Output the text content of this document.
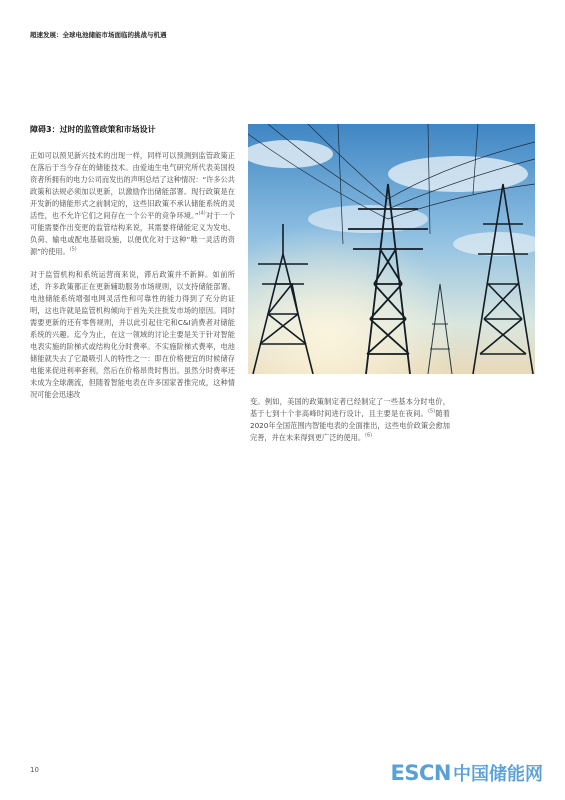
超速发展：全球电池储能市场面临的挑战与机遇
障碍3：过时的监管政策和市场设计

正如可以预见新兴技术的出现一样，同样可以预测到监管政策正在落后于当今存在的储能技术。由爱迪生电气研究所代表美国投资者所拥有的电力公司而发出的声明总结了这种情况：“许多公共政策和法规必须加以更新，以激励作出储能部署。现行政策是在开发新的储能形式之前制定的，这些旧政策不承认储能系统的灵活性，也不允许它们之间存在一个公平的竞争环境。”$^{(4)}$对于一个可能需要作出变更的监管结构来说，其需要将储能定义为发电、负荷、输电或配电基础设施，以便优化对于这种“唯一灵活的资源”的使用。$^{(5)}$

对于监管机构和系统运营商来说，滞后政策并不新鲜。如前所述，许多政策都正在更新辅助服务市场规则，以支持储能部署。电池储能系统增强电网灵活性和可靠性的能力得到了充分的证明，这也许就是监管机构倾向于首先关注批发市场的原因。同时需要更新的还有零售规则，并以此引起住宅和C&I消费者对储能系统的兴趣。迄今为止，在这一领域的讨论主要是关于针对智能电表实施的阶梯式或结构化分时费率。不实施阶梯式费率，电池储能就失去了它最吸引人的特性之一：即在价格便宜的时候储存电能来促进利率套利，然后在价格昂贵时售出。虽然分时费率还未成为全球潮流，但随着智能电表在许多国家普推完成，这种情况可能会迅速改

变。例如，美国的政策制定者已经制定了一些基本分时电价，基于七到十个非高峰时间进行设计，且主要是在夜间。$^{(5)}$随着2020年全国范围内智能电表的全面推出，这些电价政策会愈加完善，并在未来得到更广泛的使用。$^{(6)}$

10	ESCN 中国储能网
